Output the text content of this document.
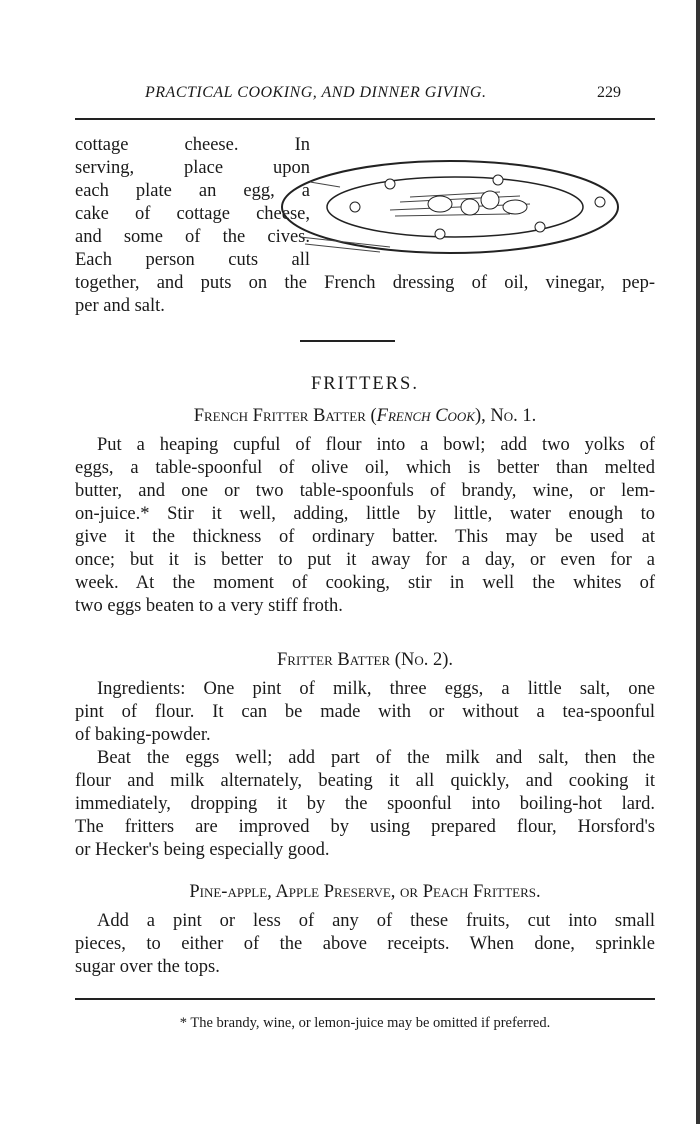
PRACTICAL COOKING, AND DINNER GIVING.	229
cottage cheese. In
serving, place upon
each plate an egg, a
cake of cottage cheese,
and some of the cives.
Each person cuts all
together, and puts on the French dressing of oil, vinegar, pep-
per and salt.
FRITTERS.
French Fritter Batter (French Cook), No. 1.
Put a heaping cupful of flour into a bowl; add two yolks of
eggs, a table-spoonful of olive oil, which is better than melted
butter, and one or two table-spoonfuls of brandy, wine, or lem-
on-juice.* Stir it well, adding, little by little, water enough to
give it the thickness of ordinary batter. This may be used at
once; but it is better to put it away for a day, or even for a
week. At the moment of cooking, stir in well the whites of
two eggs beaten to a very stiff froth.
Fritter Batter (No. 2).
Ingredients: One pint of milk, three eggs, a little salt, one
pint of flour. It can be made with or without a tea-spoonful
of baking-powder.
Beat the eggs well; add part of the milk and salt, then the
flour and milk alternately, beating it all quickly, and cooking it
immediately, dropping it by the spoonful into boiling-hot lard.
The fritters are improved by using prepared flour, Horsford's
or Hecker's being especially good.
Pine-apple, Apple Preserve, or Peach Fritters.
Add a pint or less of any of these fruits, cut into small
pieces, to either of the above receipts. When done, sprinkle
sugar over the tops.
* The brandy, wine, or lemon-juice may be omitted if preferred.
